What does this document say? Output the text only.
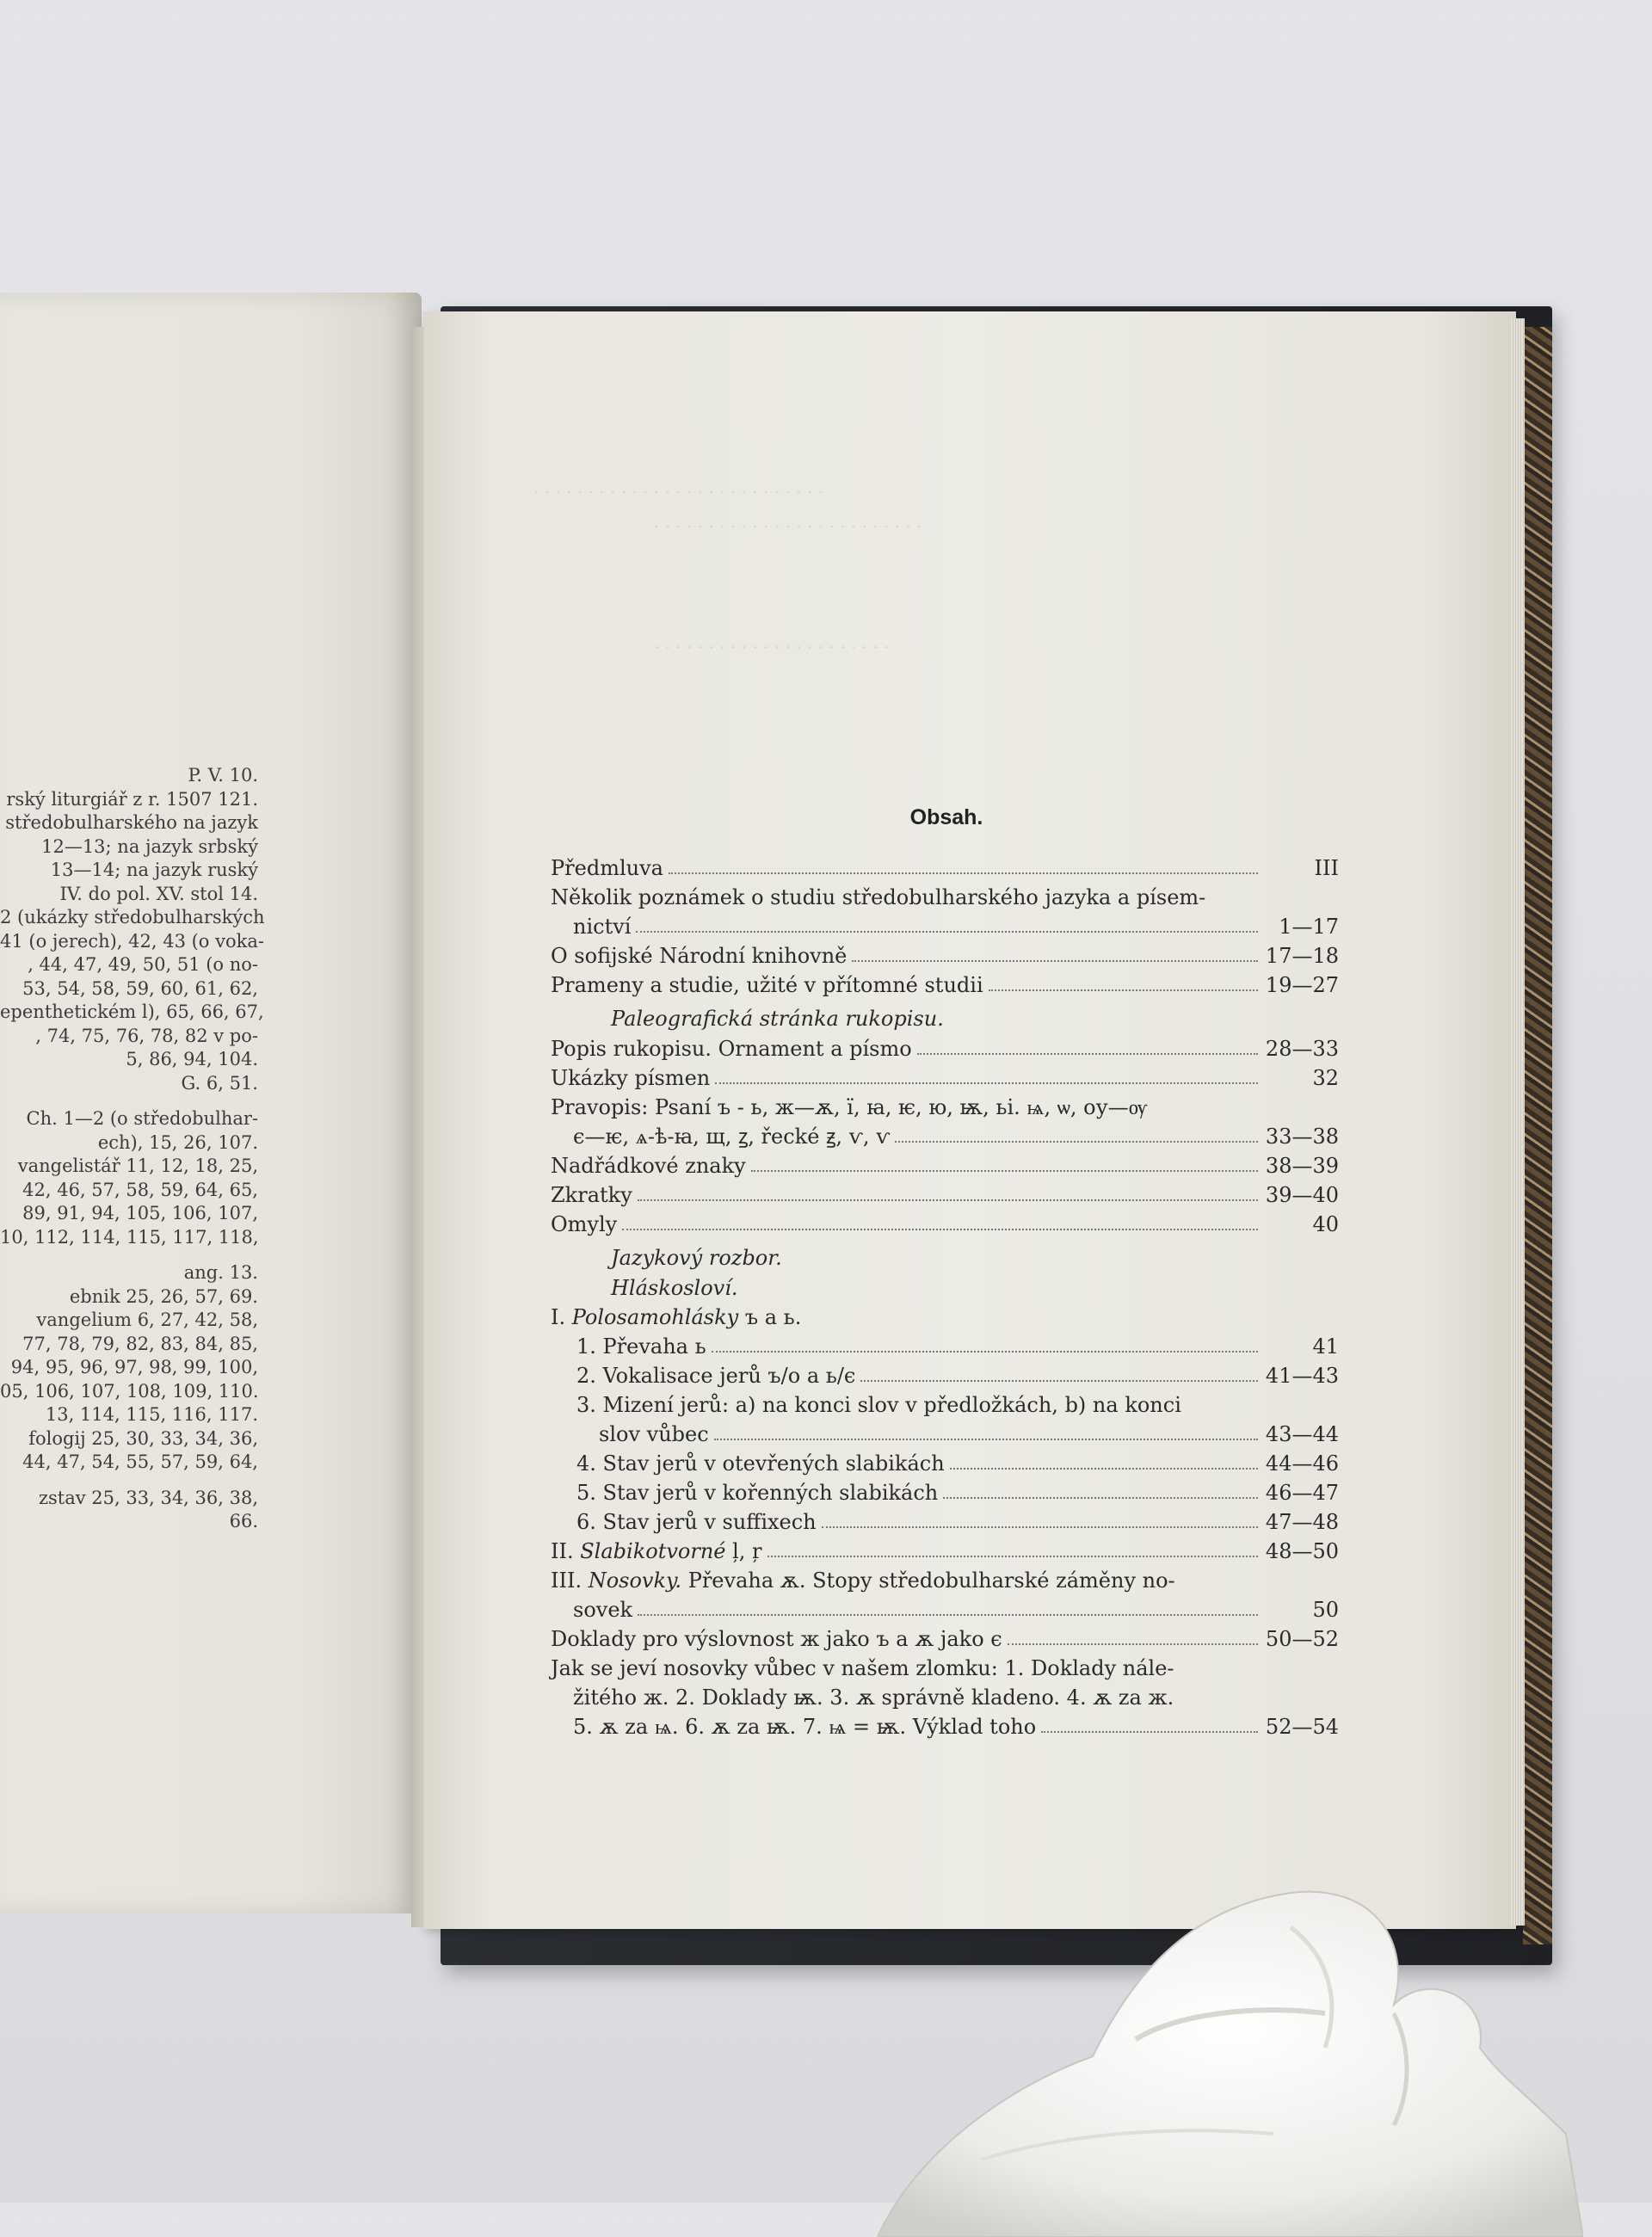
P. V. 10.
rský liturgiář z r. 1507 121.
středobulharského na jazyk
12—13; na jazyk srbský
13—14; na jazyk ruský
IV. do pol. XV. stol 14.
2 (ukázky středobulharských
41 (o jerech), 42, 43 (o voka-
, 44, 47, 49, 50, 51 (o no-
53, 54, 58, 59, 60, 61, 62,
epenthetickém l), 65, 66, 67,
, 74, 75, 76, 78, 82 v po-
5, 86, 94, 104.
G. 6, 51.
Ch. 1—2 (o středobulhar-
ech), 15, 26, 107.
vangelistář 11, 12, 18, 25,
42, 46, 57, 58, 59, 64, 65,
89, 91, 94, 105, 106, 107,
10, 112, 114, 115, 117, 118,
ang. 13.
ebnik 25, 26, 57, 69.
vangelium 6, 27, 42, 58,
77, 78, 79, 82, 83, 84, 85,
94, 95, 96, 97, 98, 99, 100,
05, 106, 107, 108, 109, 110.
13, 114, 115, 116, 117.
fologij 25, 30, 33, 34, 36,
44, 47, 54, 55, 57, 59, 64,
zstav 25, 33, 34, 36, 38,
66.
· · · · · · · · · · · · · · · · · · · · · · · · · · ·
· · · · · · · · · · · · · · · · · · · · · · · · ·
· · · · · · · · · · · · · · · · · · · · · ·
Obsah.
Předmluva	III
Několik poznámek o studiu středobulharského jazyka a písem-
nictví	1—17
O sofijské Národní knihovně	17—18
Prameny a studie, užité v přítomné studii	19—27
Paleografická stránka rukopisu.
Popis rukopisu. Ornament a písmo	28—33
Ukázky písmen	32
Pravopis: Psaní ъ - ь, ж—ѫ, ї, ꙗ, ѥ, ю, ѭ, ьі. ѩ, ѡ, оу—ѹ
є—ѥ, ѧ-ѣ-ꙗ, щ, ꙁ, řecké ꙃ, ѵ, ѵ	33—38
Nadřádkové znaky	38—39
Zkratky	39—40
Omyly	40
Jazykový rozbor.
Hláskosloví.
I. Polosamohlásky ъ a ь.
1. Převaha ь	41
2. Vokalisace jerů ъ/о a ь/є	41—43
3. Mizení jerů: a) na konci slov v předložkách, b) na konci
slov vůbec	43—44
4. Stav jerů v otevřených slabikách	44—46
5. Stav jerů v kořenných slabikách	46—47
6. Stav jerů v suffixech	47—48
II. Slabikotvorné ļ, ŗ	48—50
III. Nosovky. Převaha ѫ. Stopy středobulharské záměny no-
sovek	50
Doklady pro výslovnost ж jako ъ a ѫ jako є	50—52
Jak se jeví nosovky vůbec v našem zlomku: 1. Doklady nále-
žitého ж. 2. Doklady ѭ. 3. ѫ správně kladeno. 4. ѫ za ж.
5. ѫ za ѩ. 6. ѫ za ѭ. 7. ѩ = ѭ. Výklad toho	52—54
